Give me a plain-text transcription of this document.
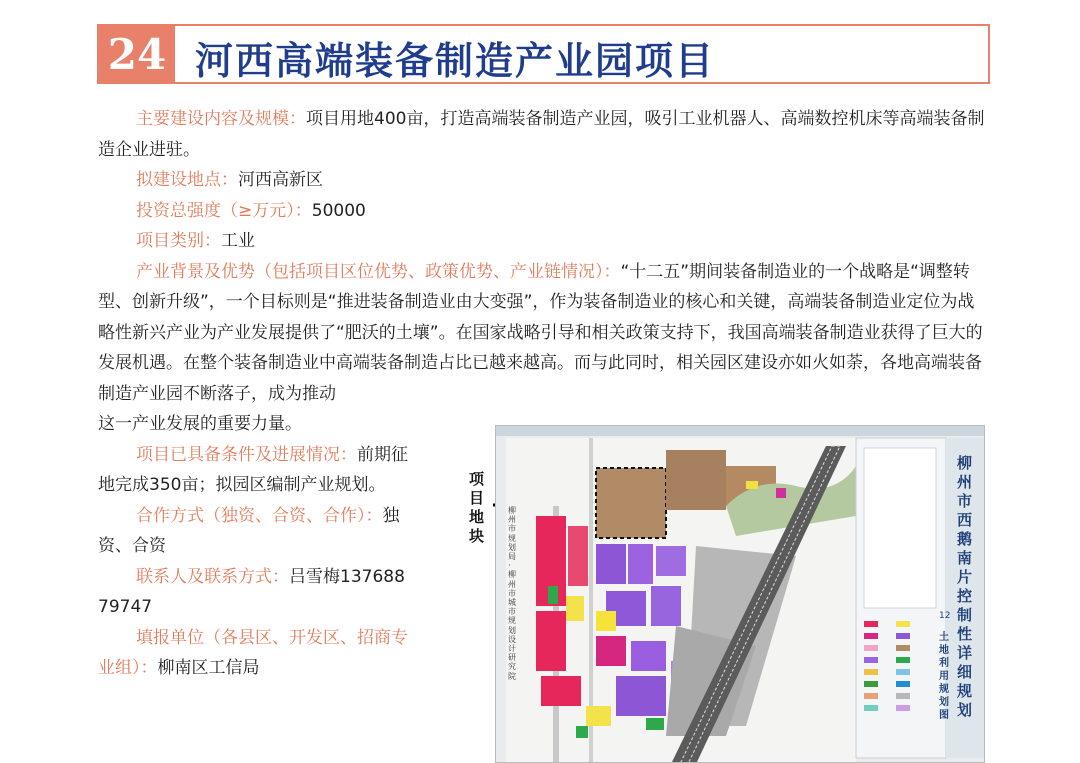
24 河西高端装备制造产业园项目

主要建设内容及规模：项目用地400亩，打造高端装备制造产业园，吸引工业机器人、高端数控机床等高端装备制造企业进驻。

拟建设地点：河西高新区

投资总强度（≥万元）：50000

项目类别：工业

产业背景及优势（包括项目区位优势、政策优势、产业链情况）：“十二五”期间装备制造业的一个战略是“调整转型、创新升级”，一个目标则是“推进装备制造业由大变强”，作为装备制造业的核心和关键，高端装备制造业定位为战略性新兴产业为产业发展提供了“肥沃的土壤”。在国家战略引导和相关政策支持下，我国高端装备制造业获得了巨大的发展机遇。在整个装备制造业中高端装备制造占比已越来越高。而与此同时，相关园区建设亦如火如荼，各地高端装备制造产业园不断落子，成为推动

这一产业发展的重要力量。

项目已具备条件及进展情况：前期征地完成350亩；拟园区编制产业规划。

合作方式（独资、合资、合作）：独资、合资

联系人及联系方式：吕雪梅13768879747

填报单位（各县区、开发区、招商专业组）：柳南区工信局

项目地块
柳州市西鹅南片控制性详细规划
12
土地利用规划图
柳州市规划局·柳州市城市规划设计研究院
